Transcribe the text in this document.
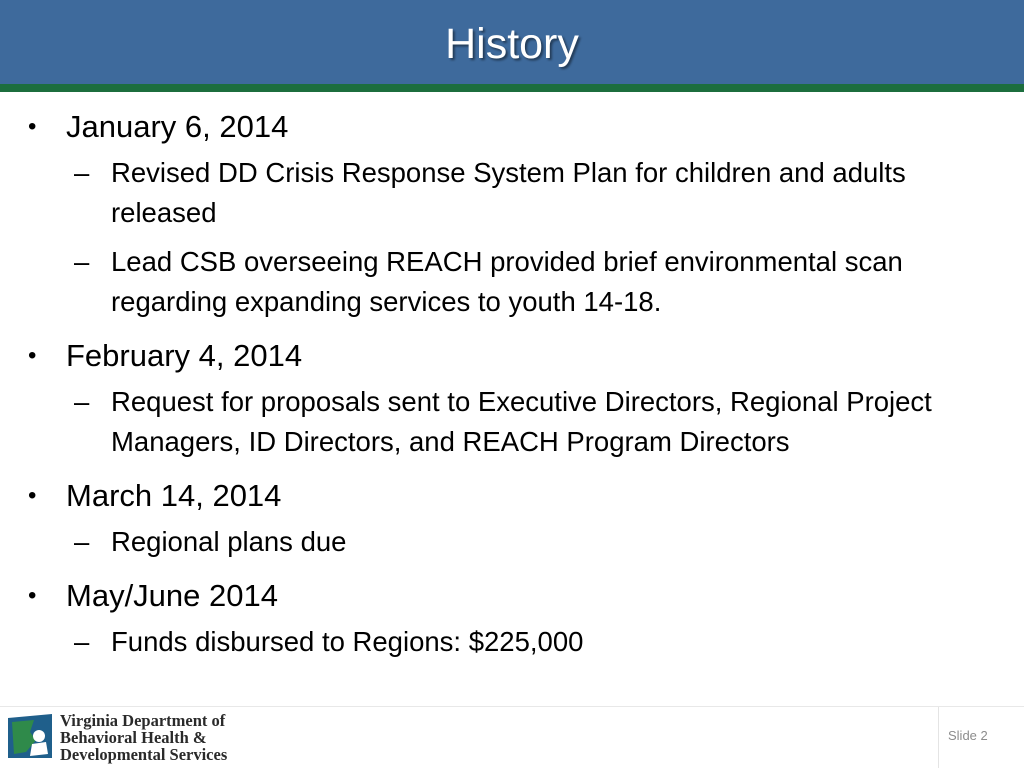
History
• January 6, 2014
– Revised DD Crisis Response System Plan for children and adults released
– Lead CSB overseeing REACH provided brief environmental scan regarding expanding services to youth 14-18.
• February 4, 2014
– Request for proposals sent to Executive Directors, Regional Project Managers, ID Directors, and REACH Program Directors
• March 14, 2014
– Regional plans due
• May/June 2014
– Funds disbursed to Regions: $225,000
Virginia Department of
Behavioral Health &
Developmental Services
Slide 2
